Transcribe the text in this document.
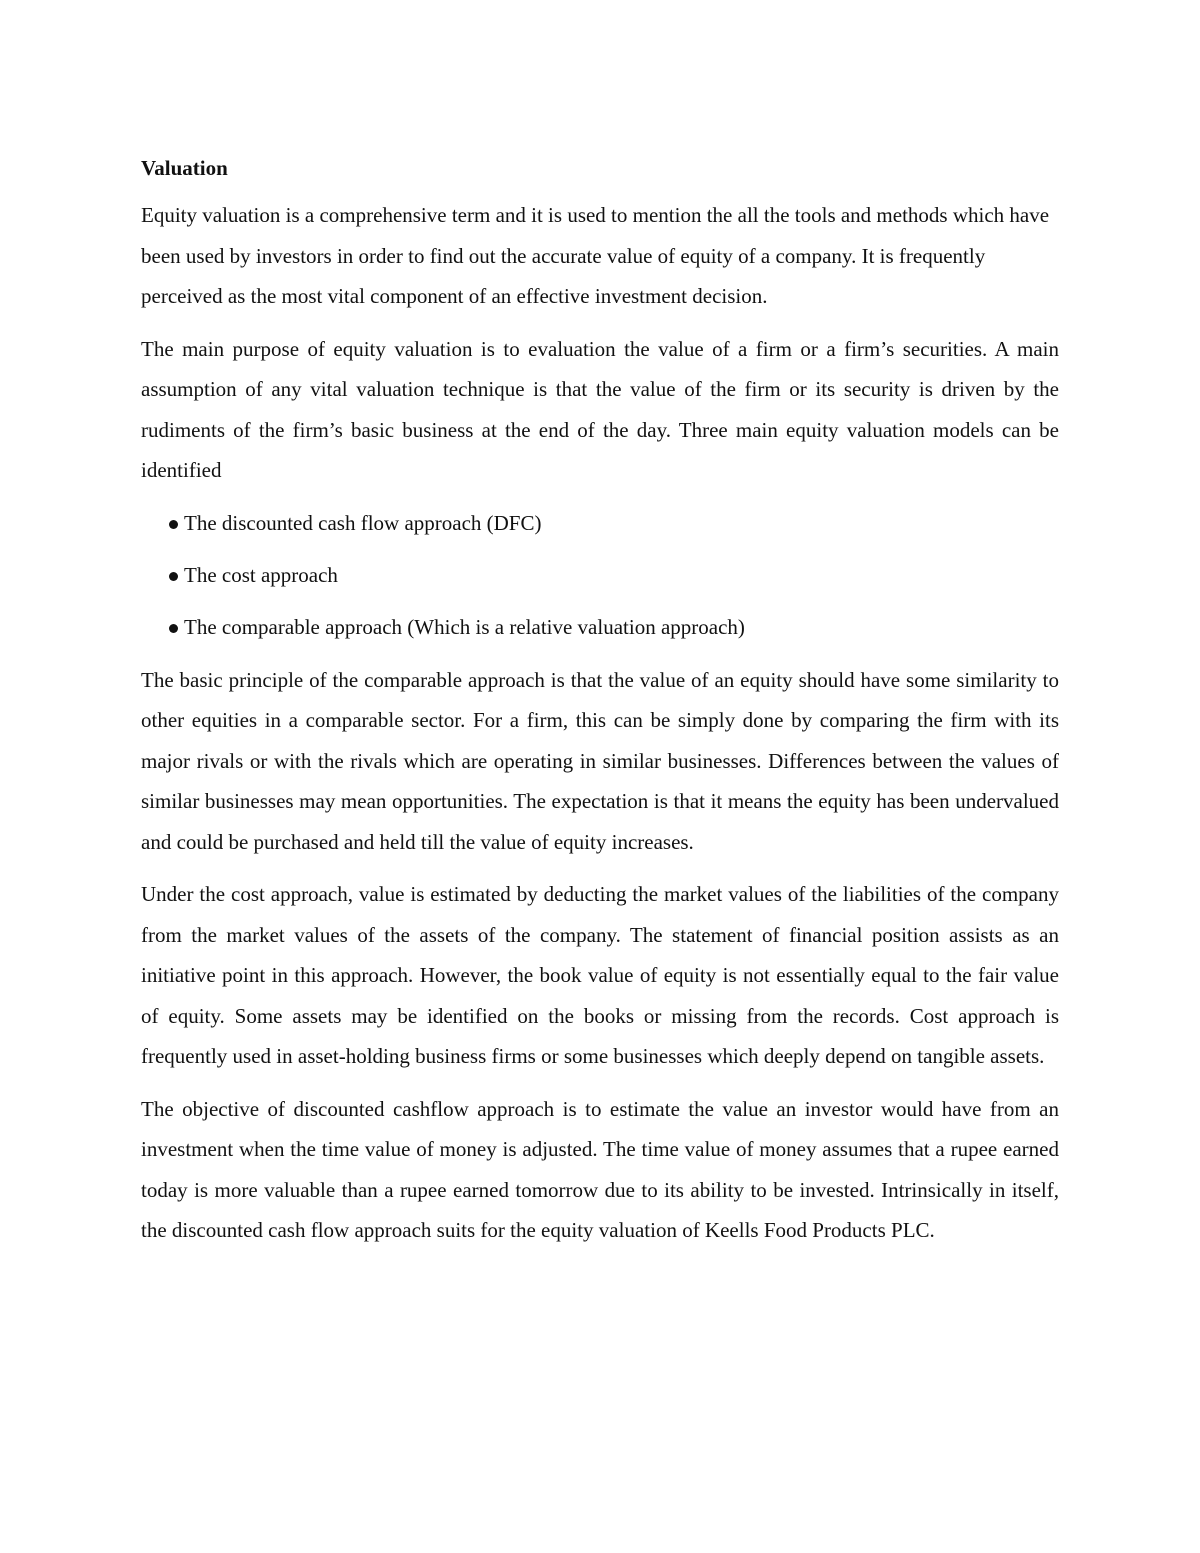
Valuation

Equity valuation is a comprehensive term and it is used to mention the all the tools and methods which have been used by investors in order to find out the accurate value of equity of a company. It is frequently perceived as the most vital component of an effective investment decision.

The main purpose of equity valuation is to evaluation the value of a firm or a firm’s securities. A main assumption of any vital valuation technique is that the value of the firm or its security is driven by the rudiments of the firm’s basic business at the end of the day. Three main equity valuation models can be identified

The discounted cash flow approach (DFC)
The cost approach
The comparable approach (Which is a relative valuation approach)

The basic principle of the comparable approach is that the value of an equity should have some similarity to other equities in a comparable sector. For a firm, this can be simply done by comparing the firm with its major rivals or with the rivals which are operating in similar businesses. Differences between the values of similar businesses may mean opportunities. The expectation is that it means the equity has been undervalued and could be purchased and held till the value of equity increases.

Under the cost approach, value is estimated by deducting the market values of the liabilities of the company from the market values of the assets of the company. The statement of financial position assists as an initiative point in this approach. However, the book value of equity is not essentially equal to the fair value of equity. Some assets may be identified on the books or missing from the records. Cost approach is frequently used in asset-holding business firms or some businesses which deeply depend on tangible assets.

The objective of discounted cashflow approach is to estimate the value an investor would have from an investment when the time value of money is adjusted. The time value of money assumes that a rupee earned today is more valuable than a rupee earned tomorrow due to its ability to be invested. Intrinsically in itself, the discounted cash flow approach suits for the equity valuation of Keells Food Products PLC.
